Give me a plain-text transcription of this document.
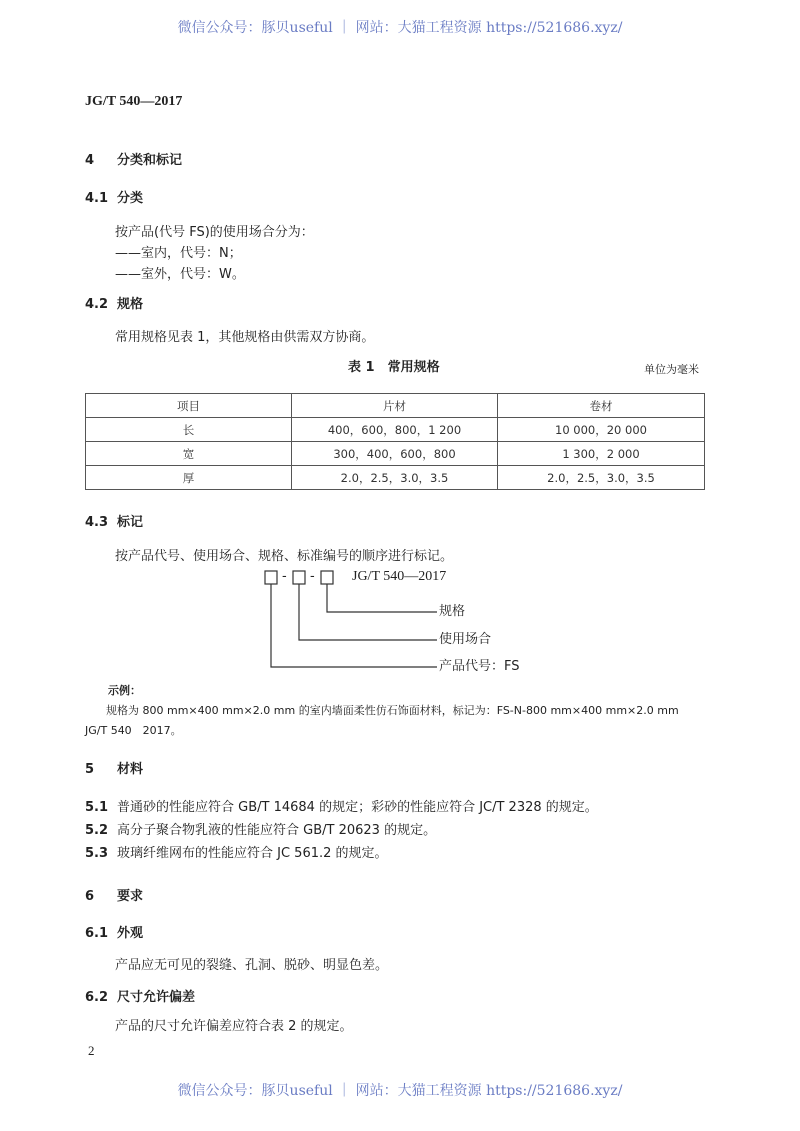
微信公众号：豚贝useful ｜ 网站：大猫工程资源 https://521686.xyz/
JG/T 540—2017
4 分类和标记
4.1 分类
按产品(代号 FS)的使用场合分为：
——室内，代号：N；
——室外，代号：W。
4.2 规格
常用规格见表 1，其他规格由供需双方协商。
表 1　常用规格	单位为毫米
项目	片材	卷材
长	400，600，800，1 200	10 000，20 000
宽	300，400，600，800	1 300，2 000
厚	2.0，2.5，3.0，3.5	2.0，2.5，3.0，3.5
4.3 标记
按产品代号、使用场合、规格、标准编号的顺序进行标记。
- -	JG/T 540—2017
规格
使用场合
产品代号：FS
示例：
规格为 800 mm×400 mm×2.0 mm 的室内墙面柔性仿石饰面材料，标记为：FS-N-800 mm×400 mm×2.0 mm
JG/T 540　2017。
5 材料
5.1 普通砂的性能应符合 GB/T 14684 的规定；彩砂的性能应符合 JC/T 2328 的规定。
5.2 高分子聚合物乳液的性能应符合 GB/T 20623 的规定。
5.3 玻璃纤维网布的性能应符合 JC 561.2 的规定。
6 要求
6.1 外观
产品应无可见的裂缝、孔洞、脱砂、明显色差。
6.2 尺寸允许偏差
产品的尺寸允许偏差应符合表 2 的规定。
2
微信公众号：豚贝useful ｜ 网站：大猫工程资源 https://521686.xyz/
